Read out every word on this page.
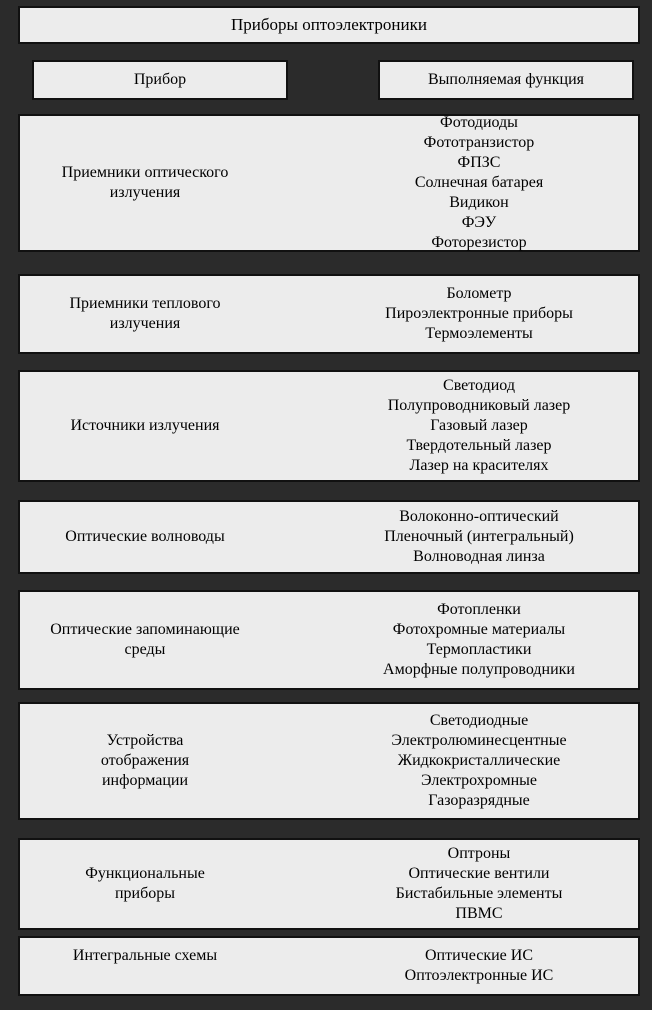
Приборы оптоэлектроники
Прибор	Выполняемая функция
Приемники оптического
излучения
Фотодиоды
Фототранзистор
ФПЗС
Солнечная батарея
Видикон
ФЭУ
Фоторезистор
Приемники теплового
излучения
Болометр
Пироэлектронные приборы
Термоэлементы
Источники излучения
Светодиод
Полупроводниковый лазер
Газовый лазер
Твердотельный лазер
Лазер на красителях
Оптические волноводы
Волоконно-оптический
Пленочный (интегральный)
Волноводная линза
Оптические запоминающие
среды
Фотопленки
Фотохромные материалы
Термопластики
Аморфные полупроводники
Устройства
отображения
информации
Светодиодные
Электролюминесцентные
Жидкокристаллические
Электрохромные
Газоразрядные
Функциональные
приборы
Оптроны
Оптические вентили
Бистабильные элементы
ПВМС
Интегральные схемы	Оптические ИС
Оптоэлектронные ИС
